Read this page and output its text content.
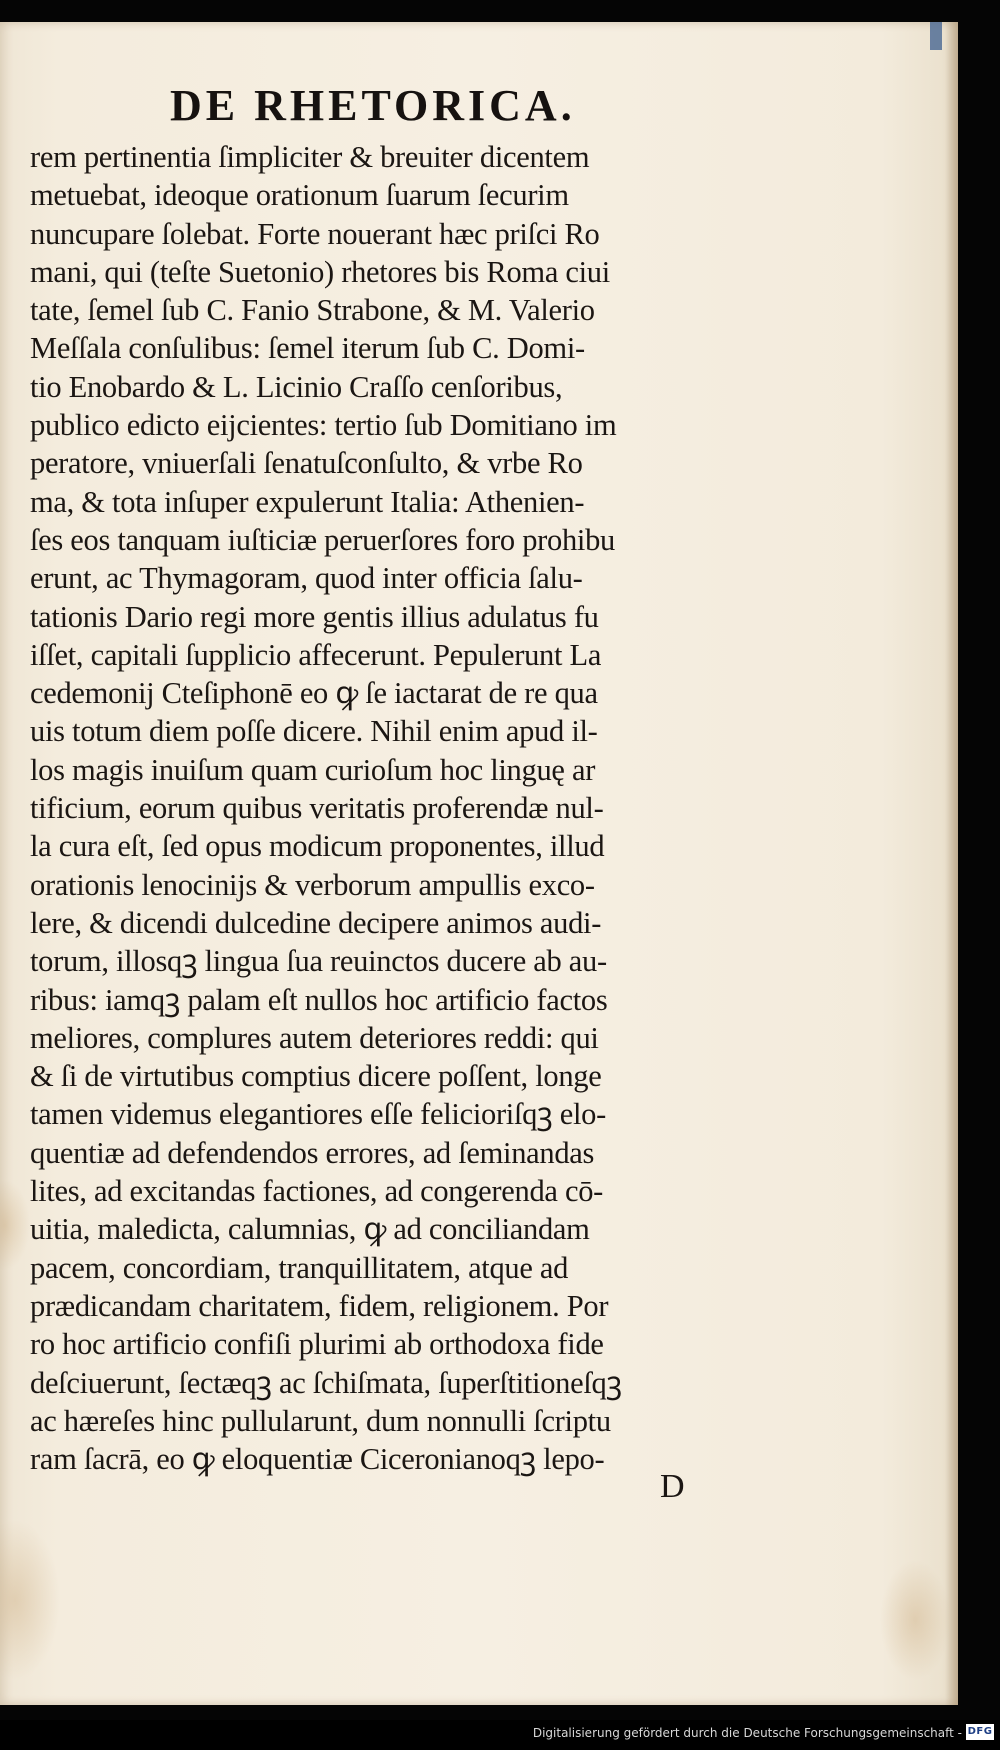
DE RHETORICA.
rem pertinentia ſimpliciter & breuiter dicentem
metuebat, ideoque orationum ſuarum ſecurim
nuncupare ſolebat. Forte nouerant hæc priſci Ro
mani, qui (teſte Suetonio) rhetores bis Roma ciui
tate, ſemel ſub C. Fanio Strabone, & M. Valerio
Meſſala conſulibus: ſemel iterum ſub C. Domi-
tio Enobardo & L. Licinio Craſſo cenſoribus,
publico edicto eijcientes: tertio ſub Domitiano im
peratore, vniuerſali ſenatuſconſulto, & vrbe Ro
ma, & tota inſuper expulerunt Italia: Athenien-
ſes eos tanquam iuſticiæ peruerſores foro prohibu
erunt, ac Thymagoram, quod inter officia ſalu-
tationis Dario regi more gentis illius adulatus fu
iſſet, capitali ſupplicio affecerunt. Pepulerunt La
cedemonij Cteſiphonē eo ꝙ ſe iactarat de re qua
uis totum diem poſſe dicere. Nihil enim apud il-
los magis inuiſum quam curioſum hoc linguę ar
tificium, eorum quibus veritatis proferendæ nul-
la cura eſt, ſed opus modicum proponentes, illud
orationis lenocinijs & verborum ampullis exco-
lere, & dicendi dulcedine decipere animos audi-
torum, illosqꝫ lingua ſua reuinctos ducere ab au-
ribus: iamqꝫ palam eſt nullos hoc artificio factos
meliores, complures autem deteriores reddi: qui
& ſi de virtutibus comptius dicere poſſent, longe
tamen videmus elegantiores eſſe felicioriſqꝫ elo-
quentiæ ad defendendos errores, ad ſeminandas
lites, ad excitandas factiones, ad congerenda cō-
uitia, maledicta, calumnias, ꝙ ad conciliandam
pacem, concordiam, tranquillitatem, atque ad
prædicandam charitatem, fidem, religionem. Por
ro hoc artificio confiſi plurimi ab orthodoxa fide
deſciuerunt, ſectæqꝫ ac ſchiſmata, ſuperſtitioneſqꝫ
ac hæreſes hinc pullularunt, dum nonnulli ſcriptu
ram ſacrā, eo ꝙ eloquentiæ Ciceronianoqꝫ lepo-
D
Digitalisierung gefördert durch die Deutsche Forschungsgemeinschaft - DFG
